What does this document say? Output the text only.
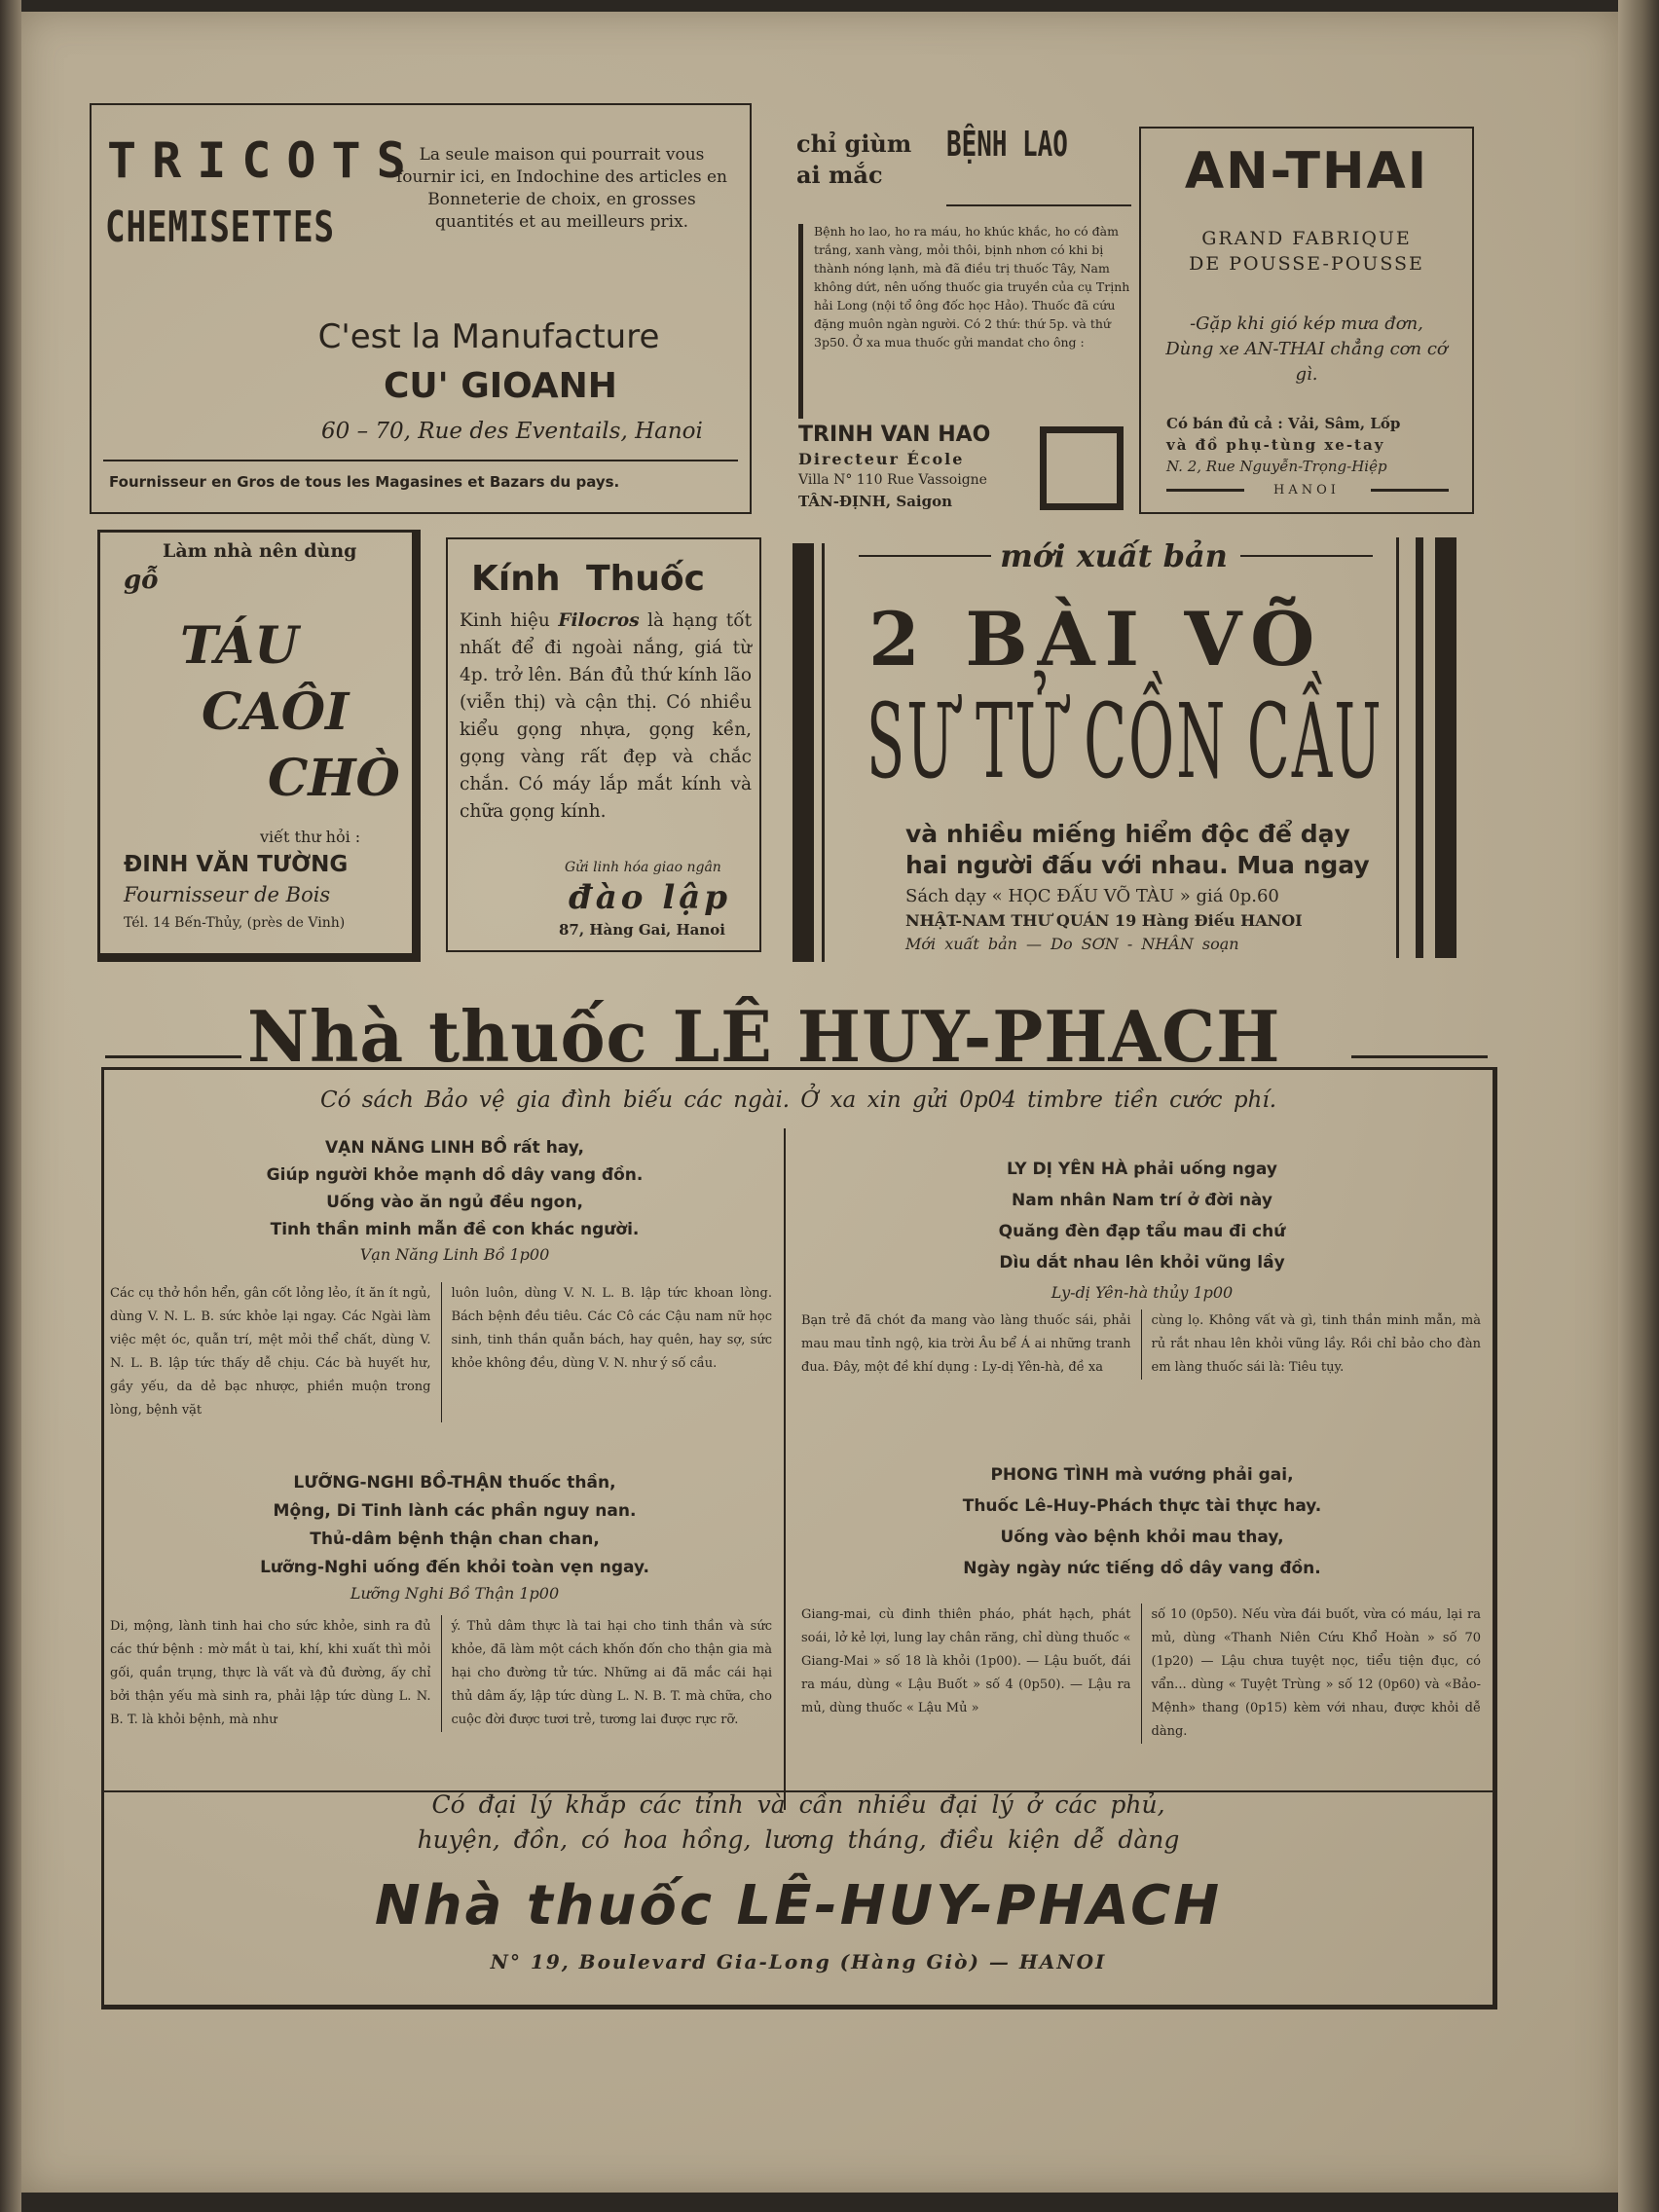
TRICOTS
CHEMISETTES

La seule maison qui pourrait vous fournir ici, en Indochine des articles en Bonneterie de choix, en grosses quantités et au meilleurs prix.

C'est la Manufacture
CU' GIOANH
60 – 70, Rue des Eventails, Hanoi
Fournisseur en Gros de tous les Magasines et Bazars du pays.
chỉ giùm ai mắc
BỆNH LAO

Bệnh ho lao, ho ra máu, ho khúc khắc, ho có đàm trắng, xanh vàng, mỏi thôi, bịnh nhơn có khi bị thành nóng lạnh, mà đã điều trị thuốc Tây, Nam không dứt, nên uống thuốc gia truyền của cụ Trịnh hải Long (nội tổ ông đốc học Hảo). Thuốc đã cứu đặng muôn ngàn người. Có 2 thứ: thứ 5p. và thứ 3p50. Ở xa mua thuốc gửi mandat cho ông :

TRINH VAN HAO
Directeur École
Villa N° 110 Rue Vassoigne
TÂN-ĐỊNH, Saigon
AN-THAI
GRAND FABRIQUE
DE POUSSE-POUSSE
-Gặp khi gió kép mưa đơn,
Dùng xe AN-THAI chẳng cơn cớ gì.
Có bán đủ cả : Vải, Sâm, Lốp
và đồ phụ-tùng xe-tay
N. 2, Rue Nguyễn-Trọng-Hiệp
HANOI
Làm nhà nên dùng
gỗ
TÁU
CAÔI
CHÒ
viết thư hỏi :
ĐINH VĂN TƯỜNG
Fournisseur de Bois
Tél. 14 Bến-Thủy, (près de Vinh)
Kính Thuốc

Kinh hiệu Filocros là hạng tốt nhất để đi ngoài nắng, giá từ 4p. trở lên. Bán đủ thứ kính lão (viễn thị) và cận thị. Có nhiều kiểu gọng nhựa, gọng kền, gọng vàng rất đẹp và chắc chắn. Có máy lắp mắt kính và chữa gọng kính.

Gửi linh hóa giao ngân
đào lập
87, Hàng Gai, Hanoi
mới xuất bản
2 BÀI VÕ
SƯ TỬ CỒN CẦU
và nhiều miếng hiểm độc để dạy
hai người đấu với nhau. Mua ngay
Sách dạy « HỌC ĐẤU VÕ TÀU » giá 0p.60
NHẬT-NAM THƯ QUÁN 19 Hàng Điếu HANOI
Mới xuất bản — Do SƠN - NHÂN soạn
Nhà thuốc LÊ HUY-PHACH
Có sách Bảo vệ gia đình biếu các ngài. Ở xa xin gửi 0p04 timbre tiền cước phí.

VẠN NĂNG LINH BỒ rất hay,

Giúp người khỏe mạnh dồ dây vang đồn.

Uống vào ăn ngủ đều ngon,

Tinh thần minh mẫn đề con khác người.

Vạn Năng Linh Bồ 1p00

Các cụ thở hồn hển, gân cốt lỏng lẻo, ít ăn ít ngủ, dùng V. N. L. B. sức khỏe lại ngay. Các Ngài làm việc mệt óc, quẫn trí, mệt mỏi thể chất, dùng V. N. L. B. lập tức thấy dễ chịu. Các bà huyết hư, gầy yếu, da dẻ bạc nhược, phiền muộn trong lòng, bệnh vặt

luôn luôn, dùng V. N. L. B. lập tức khoan lòng. Bách bệnh đều tiêu. Các Cô các Cậu nam nữ học sinh, tinh thần quẫn bách, hay quên, hay sợ, sức khỏe không đều, dùng V. N. như ý số cầu.

LY DỊ YÊN HÀ phải uống ngay

Nam nhân Nam trí ở đời này

Quăng đèn đạp tẩu mau đi chứ

Dìu dắt nhau lên khỏi vũng lầy

Ly-dị Yên-hà thủy 1p00

Bạn trẻ đã chót đa mang vào làng thuốc sái, phải mau mau tỉnh ngộ, kia trời Âu bể Á ai những tranh đua. Đây, một đề khí dụng : Ly-dị Yên-hà, đề xa

cùng lọ. Không vất và gì, tinh thần minh mẫn, mà rủ rắt nhau lên khỏi vũng lầy. Rồi chỉ bảo cho đàn em làng thuốc sái là: Tiêu tụy.

LƯỠNG-NGHI BỒ-THẬN thuốc thần,

Mộng, Di Tinh lành các phần nguy nan.

Thủ-dâm bệnh thận chan chan,

Lưỡng-Nghi uống đến khỏi toàn vẹn ngay.

Lưỡng Nghi Bồ Thận 1p00

Di, mộng, lành tinh hai cho sức khỏe, sinh ra đủ các thứ bệnh : mờ mắt ù tai, khí, khi xuất thì mỏi gối, quần trụng, thực là vất và đủ đường, ấy chỉ bởi thận yếu mà sinh ra, phải lập tức dùng L. N. B. T. là khỏi bệnh, mà như

ý. Thủ dâm thực là tai hại cho tinh thần và sức khỏe, đã làm một cách khốn đốn cho thận gia mà hại cho đường tử tức. Những ai đã mắc cái hại thủ dâm ấy, lập tức dùng L. N. B. T. mà chữa, cho cuộc đời được tươi trẻ, tương lai được rực rỡ.

PHONG TÌNH mà vướng phải gai,

Thuốc Lê-Huy-Phách thực tài thực hay.

Uống vào bệnh khỏi mau thay,

Ngày ngày nức tiếng dồ dây vang đồn.

Giang-mai, cù đinh thiên pháo, phát hạch, phát soái, lở kẻ lợi, lung lay chân răng, chỉ dùng thuốc « Giang-Mai » số 18 là khỏi (1p00). — Lậu buốt, đái ra máu, dùng « Lậu Buốt » số 4 (0p50). — Lậu ra mủ, dùng thuốc « Lậu Mủ »

số 10 (0p50). Nếu vừa đái buốt, vừa có máu, lại ra mủ, dùng «Thanh Niên Cứu Khổ Hoàn » số 70 (1p20) — Lậu chưa tuyệt nọc, tiểu tiện đục, có vẩn... dùng « Tuyệt Trùng » số 12 (0p60) và «Bảo-Mệnh» thang (0p15) kèm với nhau, được khỏi dễ dàng.

Có đại lý khắp các tỉnh và cần nhiều đại lý ở các phủ,
huyện, đồn, có hoa hồng, lương tháng, điều kiện dễ dàng
Nhà thuốc LÊ-HUY-PHACH
N° 19, Boulevard Gia-Long (Hàng Giò) — HANOI
